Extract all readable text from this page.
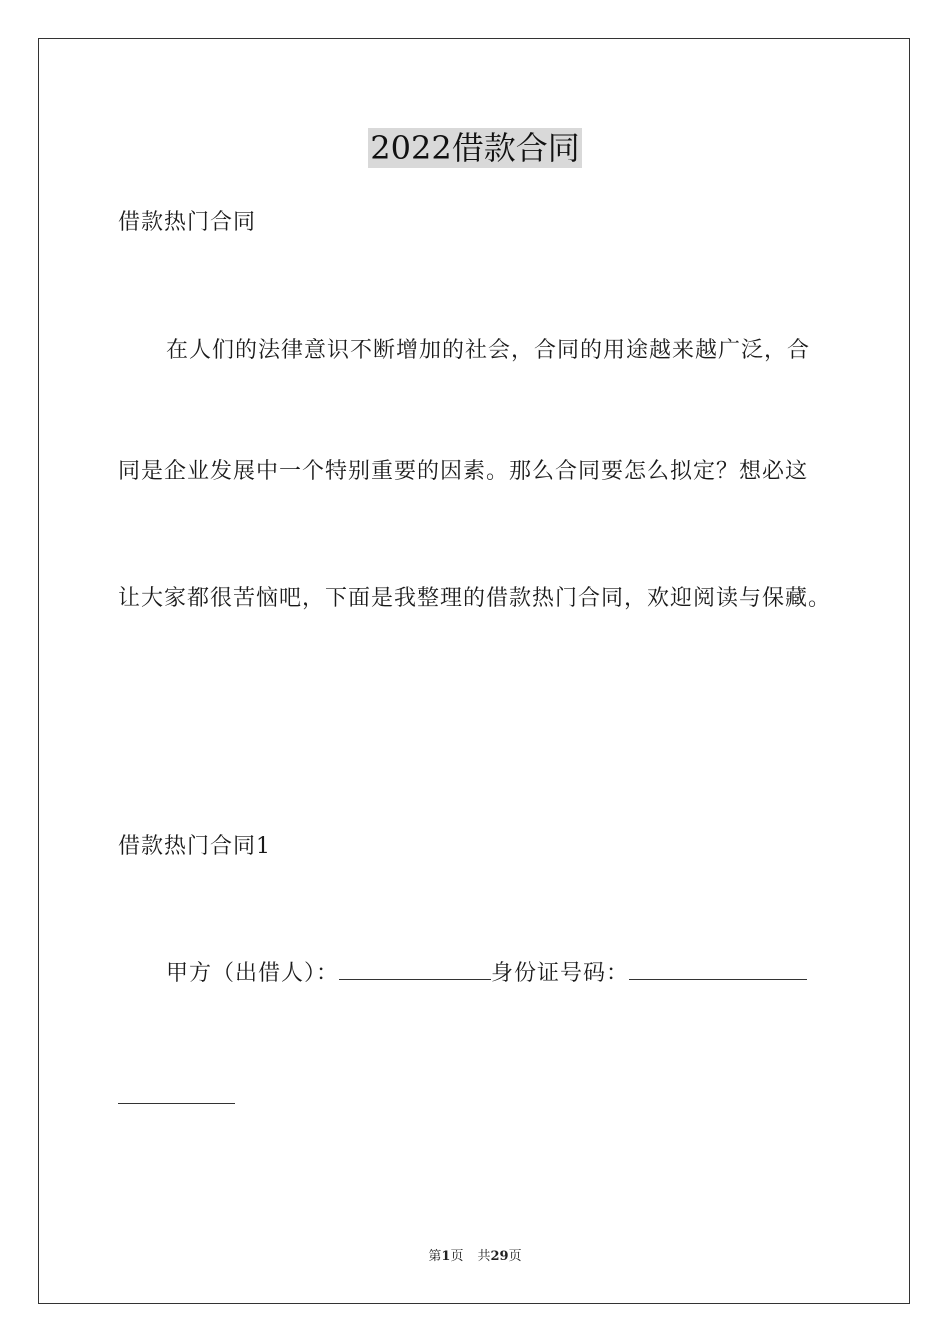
2022借款合同
借款热门合同
在人们的法律意识不断增加的社会，合同的用途越来越广泛，合
同是企业发展中一个特别重要的因素。那么合同要怎么拟定？想必这
让大家都很苦恼吧，下面是我整理的借款热门合同，欢迎阅读与保藏。
借款热门合同1
甲方（出借人）：	身份证号码：
第1页 共29页
